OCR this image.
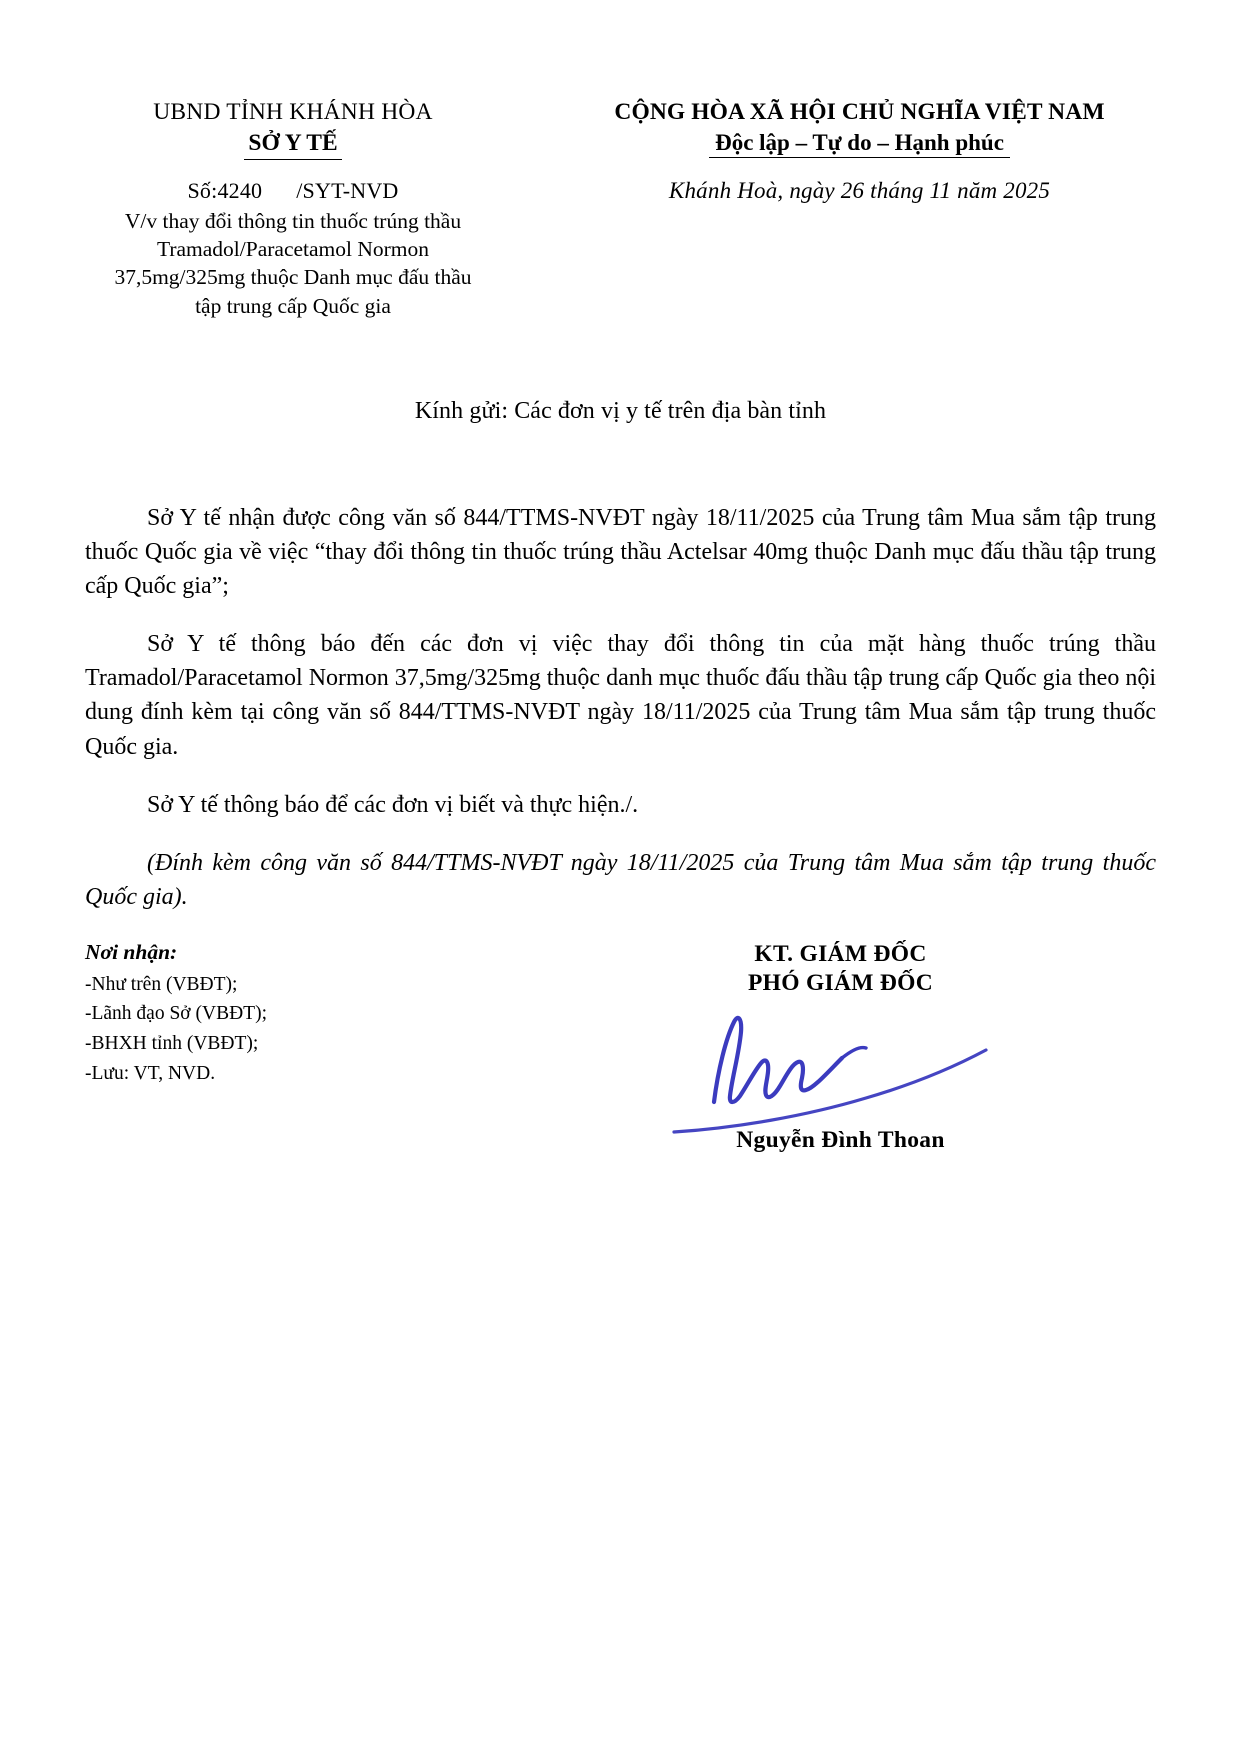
UBND TỈNH KHÁNH HÒA
SỞ Y TẾ
Số:4240 /SYT-NVD
V/v thay đổi thông tin thuốc trúng thầu
Tramadol/Paracetamol Normon
37,5mg/325mg thuộc Danh mục đấu thầu
tập trung cấp Quốc gia
CỘNG HÒA XÃ HỘI CHỦ NGHĨA VIỆT NAM
Độc lập – Tự do – Hạnh phúc
Khánh Hoà, ngày 26 tháng 11 năm 2025
Kính gửi: Các đơn vị y tế trên địa bàn tỉnh

Sở Y tế nhận được công văn số 844/TTMS-NVĐT ngày 18/11/2025 của Trung tâm Mua sắm tập trung thuốc Quốc gia về việc “thay đổi thông tin thuốc trúng thầu Actelsar 40mg thuộc Danh mục đấu thầu tập trung cấp Quốc gia”;

Sở Y tế thông báo đến các đơn vị việc thay đổi thông tin của mặt hàng thuốc trúng thầu Tramadol/Paracetamol Normon 37,5mg/325mg thuộc danh mục thuốc đấu thầu tập trung cấp Quốc gia theo nội dung đính kèm tại công văn số 844/TTMS-NVĐT ngày 18/11/2025 của Trung tâm Mua sắm tập trung thuốc Quốc gia.

Sở Y tế thông báo để các đơn vị biết và thực hiện./.

(Đính kèm công văn số 844/TTMS-NVĐT ngày 18/11/2025 của Trung tâm Mua sắm tập trung thuốc Quốc gia).

Nơi nhận:
-Như trên (VBĐT);
-Lãnh đạo Sở (VBĐT);
-BHXH tỉnh (VBĐT);
-Lưu: VT, NVD.
KT. GIÁM ĐỐC
PHÓ GIÁM ĐỐC
Nguyễn Đình Thoan
